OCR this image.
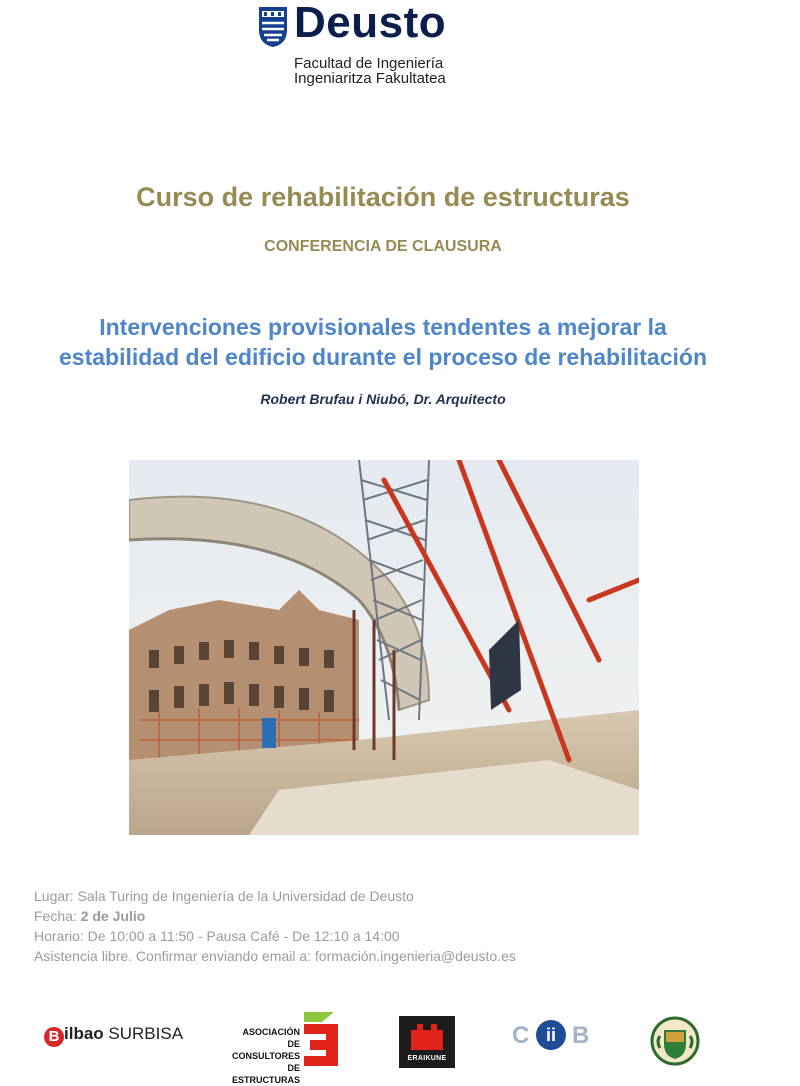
Deusto
Facultad de Ingeniería
Ingeniaritza Fakultatea
Curso de rehabilitación de estructuras
CONFERENCIA DE CLAUSURA
Intervenciones provisionales tendentes a mejorar la
estabilidad del edificio durante el proceso de rehabilitación
Robert Brufau i Niubó, Dr. Arquitecto
Lugar: Sala Turing de Ingeniería de la Universidad de Deusto
Fecha: 2 de Julio
Horario: De 10:00 a 11:50 - Pausa Café - De 12:10 a 14:00
Asistencia libre. Confirmar enviando email a: formación.ingenieria@deusto.es
B ilbao SURBISA	ASOCIACIÓN DE CONSULTORES DE ESTRUCTURAS
ERAIKUNE
C ii B
